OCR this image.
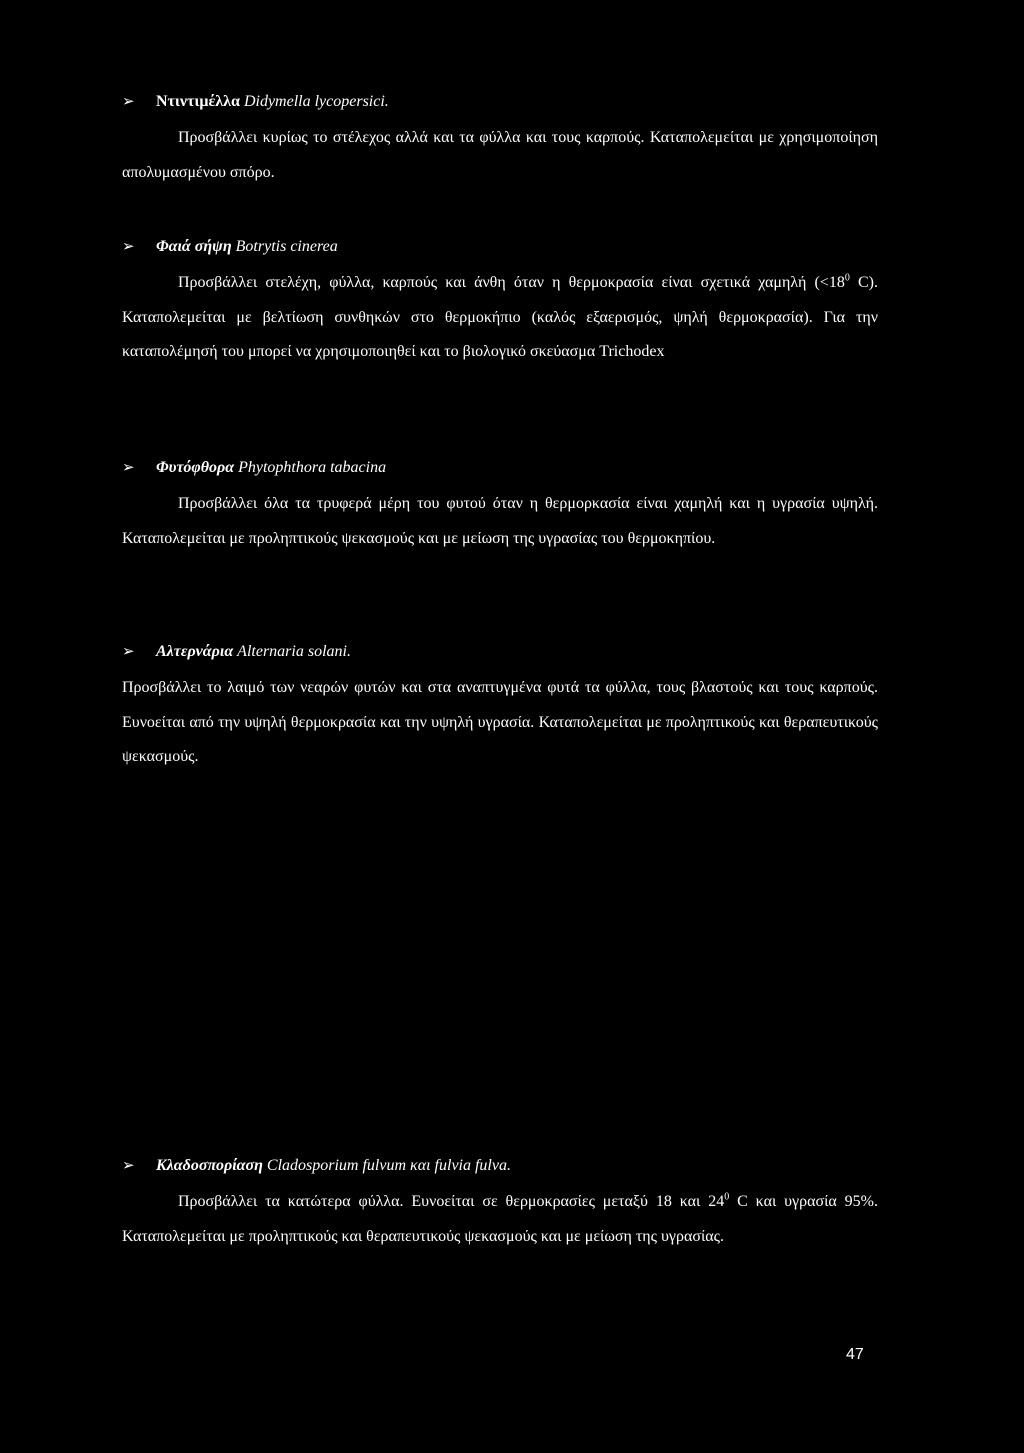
➢ Ντιντιμέλλα Didymella lycopersici.

Προσβάλλει κυρίως το στέλεχος αλλά και τα φύλλα και τους καρπούς. Καταπολεμείται με χρησιμοποίηση απολυμασμένου σπόρο.

➢ Φαιά σήψη Botrytis cinerea

Προσβάλλει στελέχη, φύλλα, καρπούς και άνθη όταν η θερμοκρασία είναι σχετικά χαμηλή ($<18^0$ C). Καταπολεμείται με βελτίωση συνθηκών στο θερμοκήπιο (καλός εξαερισμός, ψηλή θερμοκρασία). Για την καταπολέμησή του μπορεί να χρησιμοποιηθεί και το βιολογικό σκεύασμα Trichodex

➢ Φυτόφθορα Phytophthora tabacina

Προσβάλλει όλα τα τρυφερά μέρη του φυτού όταν η θερμορκασία είναι χαμηλή και η υγρασία υψηλή. Καταπολεμείται με προληπτικούς ψεκασμούς και με μείωση της υγρασίας του θερμοκηπίου.

➢ Αλτερνάρια Alternaria solani.

Προσβάλλει το λαιμό των νεαρών φυτών και στα αναπτυγμένα φυτά τα φύλλα, τους βλαστούς και τους καρπούς. Ευνοείται από την υψηλή θερμοκρασία και την υψηλή υγρασία. Καταπολεμείται με προληπτικούς και θεραπευτικούς ψεκασμούς.

➢ Κλαδοσπορίαση Cladosporium fulvum και fulvia fulva.

Προσβάλλει τα κατώτερα φύλλα. Ευνοείται σε θερμοκρασίες μεταξύ 18 και $24^0$ C και υγρασία 95%. Καταπολεμείται με προληπτικούς και θεραπευτικούς ψεκασμούς και με μείωση της υγρασίας.

47
